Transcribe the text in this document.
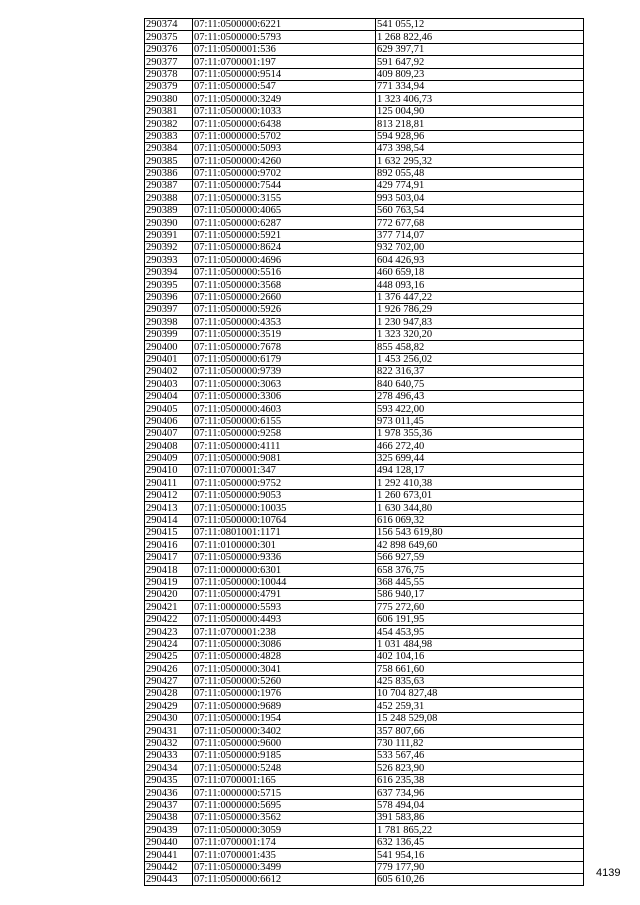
290374	07:11:0500000:6221	541 055,12
290375	07:11:0500000:5793	1 268 822,46
290376	07:11:0500001:536	629 397,71
290377	07:11:0700001:197	591 647,92
290378	07:11:0500000:9514	409 809,23
290379	07:11:0500000:547	771 334,94
290380	07:11:0500000:3249	1 323 406,73
290381	07:11:0500000:1033	125 004,90
290382	07:11:0500000:6438	813 218,81
290383	07:11:0000000:5702	594 928,96
290384	07:11:0500000:5093	473 398,54
290385	07:11:0500000:4260	1 632 295,32
290386	07:11:0500000:9702	892 055,48
290387	07:11:0500000:7544	429 774,91
290388	07:11:0500000:3155	993 503,04
290389	07:11:0500000:4065	560 763,54
290390	07:11:0500000:6287	772 677,68
290391	07:11:0500000:5921	377 714,07
290392	07:11:0500000:8624	932 702,00
290393	07:11:0500000:4696	604 426,93
290394	07:11:0500000:5516	460 659,18
290395	07:11:0500000:3568	448 093,16
290396	07:11:0500000:2660	1 376 447,22
290397	07:11:0500000:5926	1 926 786,29
290398	07:11:0500000:4353	1 230 947,83
290399	07:11:0500000:3519	1 323 320,20
290400	07:11:0500000:7678	855 458,82
290401	07:11:0500000:6179	1 453 256,02
290402	07:11:0500000:9739	822 316,37
290403	07:11:0500000:3063	840 640,75
290404	07:11:0500000:3306	278 496,43
290405	07:11:0500000:4603	593 422,00
290406	07:11:0500000:6155	973 011,45
290407	07:11:0500000:9258	1 978 355,36
290408	07:11:0500000:4111	466 272,40
290409	07:11:0500000:9081	325 699,44
290410	07:11:0700001:347	494 128,17
290411	07:11:0500000:9752	1 292 410,38
290412	07:11:0500000:9053	1 260 673,01
290413	07:11:0500000:10035	1 630 344,80
290414	07:11:0500000:10764	616 069,32
290415	07:11:0801001:1171	156 543 619,80
290416	07:11:0100000:301	42 898 649,60
290417	07:11:0500000:9336	566 927,59
290418	07:11:0000000:6301	658 376,75
290419	07:11:0500000:10044	368 445,55
290420	07:11:0500000:4791	586 940,17
290421	07:11:0000000:5593	775 272,60
290422	07:11:0500000:4493	606 191,95
290423	07:11:0700001:238	454 453,95
290424	07:11:0500000:3086	1 031 484,98
290425	07:11:0500000:4828	402 104,16
290426	07:11:0500000:3041	758 661,60
290427	07:11:0500000:5260	425 835,63
290428	07:11:0500000:1976	10 704 827,48
290429	07:11:0500000:9689	452 259,31
290430	07:11:0500000:1954	15 248 529,08
290431	07:11:0500000:3402	357 807,66
290432	07:11:0500000:9600	730 111,82
290433	07:11:0500000:9185	533 567,46
290434	07:11:0500000:5248	526 823,90
290435	07:11:0700001:165	616 235,38
290436	07:11:0000000:5715	637 734,96
290437	07:11:0000000:5695	578 494,04
290438	07:11:0500000:3562	391 583,86
290439	07:11:0500000:3059	1 781 865,22
290440	07:11:0700001:174	632 136,45
290441	07:11:0700001:435	541 954,16
290442	07:11:0500000:3499	779 177,90
290443	07:11:0500000:6612	605 610,26
4139
